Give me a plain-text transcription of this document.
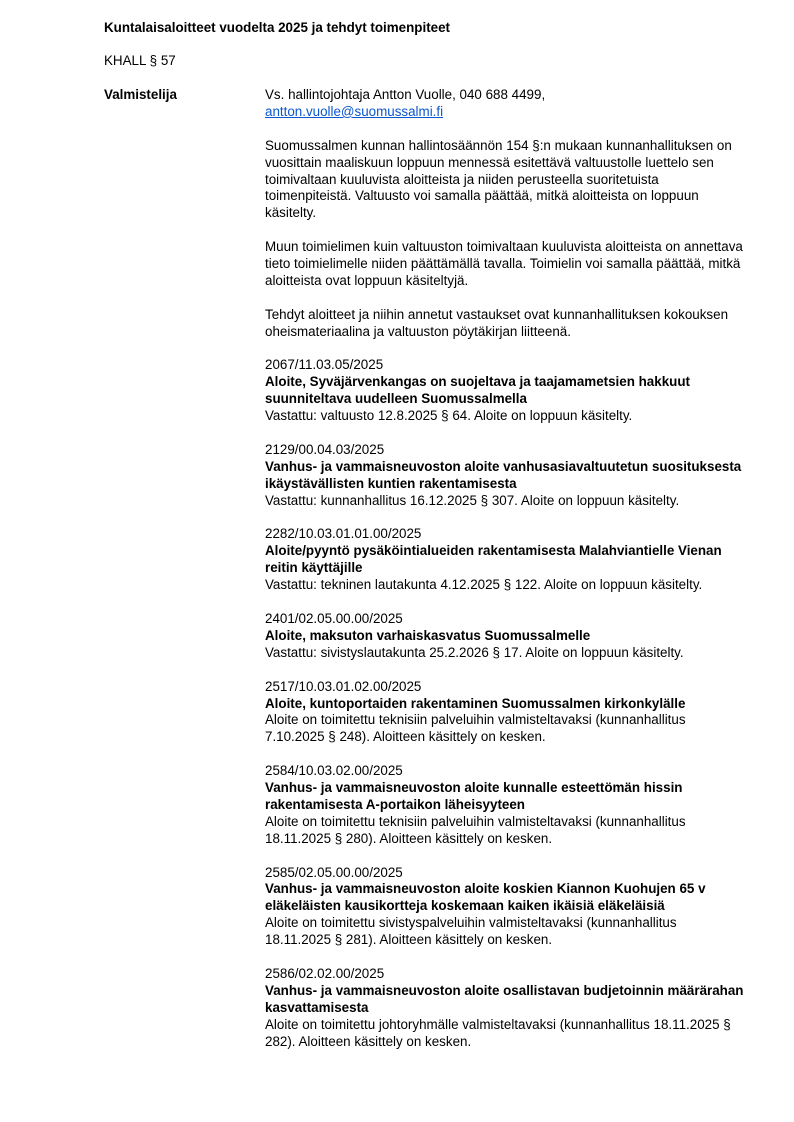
Kuntalaisaloitteet vuodelta 2025 ja tehdyt toimenpiteet
KHALL § 57
Valmistelija	Vs. hallintojohtaja Antton Vuolle, 040 688 4499,
antton.vuolle@suomussalmi.fi

Suomussalmen kunnan hallintosäännön 154 §:n mukaan kunnanhallituksen on vuosittain maaliskuun loppuun mennessä esitettävä valtuustolle luettelo sen toimivaltaan kuuluvista aloitteista ja niiden perusteella suoritetuista toimenpiteistä. Valtuusto voi samalla päättää, mitkä aloitteista on loppuun käsitelty.

Muun toimielimen kuin valtuuston toimivaltaan kuuluvista aloitteista on annettava tieto toimielimelle niiden päättämällä tavalla. Toimielin voi samalla päättää, mitkä aloitteista ovat loppuun käsiteltyjä.

Tehdyt aloitteet ja niihin annetut vastaukset ovat kunnanhallituksen kokouksen oheismateriaalina ja valtuuston pöytäkirjan liitteenä.

2067/11.03.05/2025
Aloite, Syväjärvenkangas on suojeltava ja taajamametsien hakkuut suunniteltava uudelleen Suomussalmella
Vastattu: valtuusto 12.8.2025 § 64. Aloite on loppuun käsitelty.
2129/00.04.03/2025
Vanhus- ja vammaisneuvoston aloite vanhusasiavaltuutetun suosituksesta ikäystävällisten kuntien rakentamisesta
Vastattu: kunnanhallitus 16.12.2025 § 307. Aloite on loppuun käsitelty.
2282/10.03.01.01.00/2025
Aloite/pyyntö pysäköintialueiden rakentamisesta Malahviantielle Vienan reitin käyttäjille
Vastattu: tekninen lautakunta 4.12.2025 § 122. Aloite on loppuun käsitelty.
2401/02.05.00.00/2025
Aloite, maksuton varhaiskasvatus Suomussalmelle
Vastattu: sivistyslautakunta 25.2.2026 § 17. Aloite on loppuun käsitelty.
2517/10.03.01.02.00/2025
Aloite, kuntoportaiden rakentaminen Suomussalmen kirkonkylälle
Aloite on toimitettu teknisiin palveluihin valmisteltavaksi (kunnanhallitus 7.10.2025 § 248). Aloitteen käsittely on kesken.
2584/10.03.02.00/2025
Vanhus- ja vammaisneuvoston aloite kunnalle esteettömän hissin rakentamisesta A-portaikon läheisyyteen
Aloite on toimitettu teknisiin palveluihin valmisteltavaksi (kunnanhallitus 18.11.2025 § 280). Aloitteen käsittely on kesken.
2585/02.05.00.00/2025
Vanhus- ja vammaisneuvoston aloite koskien Kiannon Kuohujen 65 v eläkeläisten kausikortteja koskemaan kaiken ikäisiä eläkeläisiä
Aloite on toimitettu sivistyspalveluihin valmisteltavaksi (kunnanhallitus 18.11.2025 § 281). Aloitteen käsittely on kesken.
2586/02.02.00/2025
Vanhus- ja vammaisneuvoston aloite osallistavan budjetoinnin määrärahan kasvattamisesta
Aloite on toimitettu johtoryhmälle valmisteltavaksi (kunnanhallitus 18.11.2025 § 282). Aloitteen käsittely on kesken.
